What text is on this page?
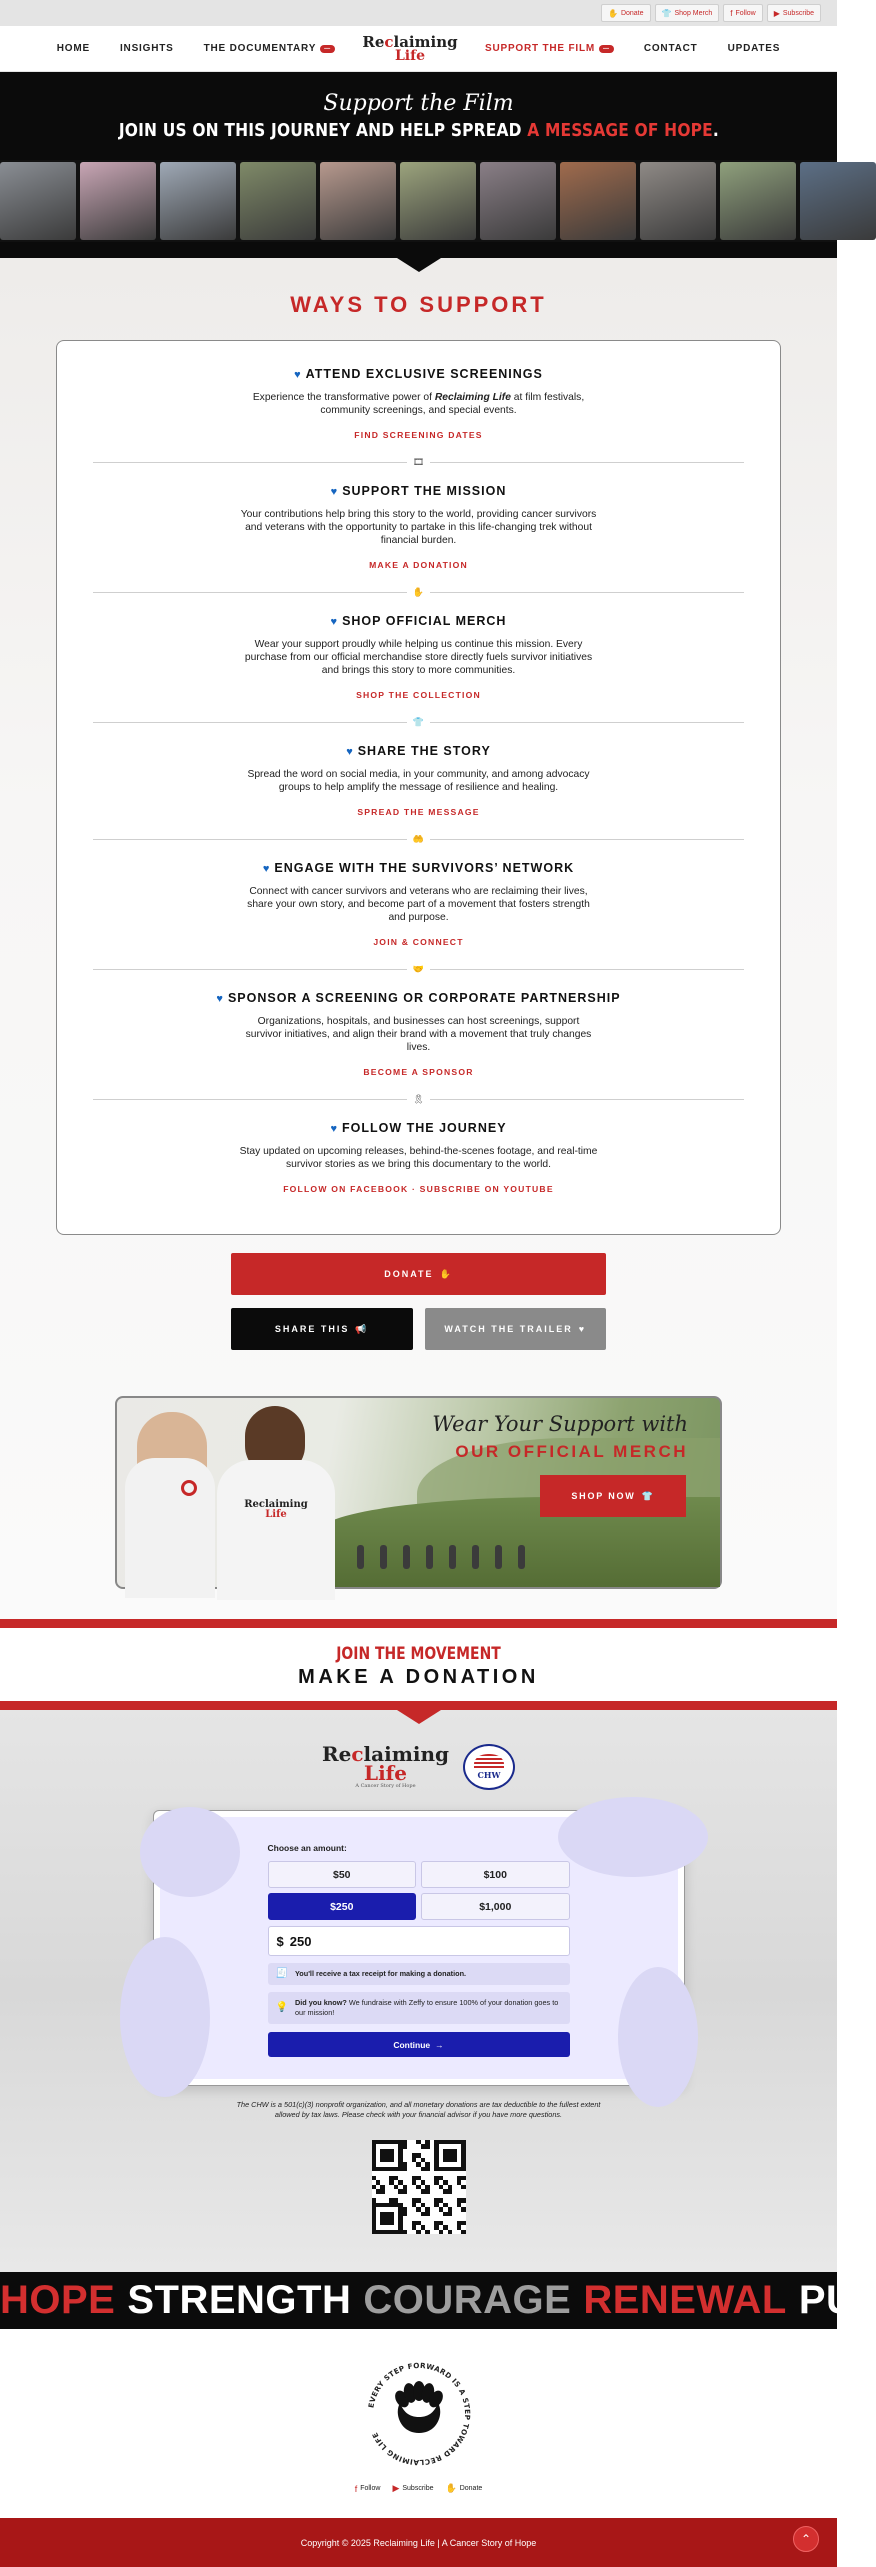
✋ Donate 👕 Shop Merch f Follow ▶ Subscribe
HOME	INSIGHTS	THE DOCUMENTARY	— Reclaiming
Life	SUPPORT THE FILM	—	CONTACT	UPDATES
Support the Film
JOIN US ON THIS JOURNEY AND HELP SPREAD A MESSAGE OF HOPE.
WAYS TO SUPPORT
♥ ATTEND EXCLUSIVE SCREENINGS

Experience the transformative power of Reclaiming Life at film festivals, community screenings, and special events.

FIND SCREENING DATES
🎞
♥ SUPPORT THE MISSION

Your contributions help bring this story to the world, providing cancer survivors and veterans with the opportunity to partake in this life-changing trek without financial burden.

MAKE A DONATION
✋
♥ SHOP OFFICIAL MERCH

Wear your support proudly while helping us continue this mission. Every purchase from our official merchandise store directly fuels survivor initiatives and brings this story to more communities.

SHOP THE COLLECTION
👕
♥ SHARE THE STORY

Spread the word on social media, in your community, and among advocacy groups to help amplify the message of resilience and healing.

SPREAD THE MESSAGE
🤲
♥ ENGAGE WITH THE SURVIVORS’ NETWORK

Connect with cancer survivors and veterans who are reclaiming their lives, share your own story, and become part of a movement that fosters strength and purpose.

JOIN & CONNECT
🤝
♥ SPONSOR A SCREENING OR CORPORATE PARTNERSHIP

Organizations, hospitals, and businesses can host screenings, support survivor initiatives, and align their brand with a movement that truly changes lives.

BECOME A SPONSOR
🎗
♥ FOLLOW THE JOURNEY

Stay updated on upcoming releases, behind-the-scenes footage, and real-time survivor stories as we bring this documentary to the world.

FOLLOW ON FACEBOOK · SUBSCRIBE ON YOUTUBE
DONATE ✋
SHARE THIS 📢	WATCH THE TRAILER ♥
Reclaiming
Life
Wear Your Support with
OUR OFFICIAL MERCH
SHOP NOW 👕
JOIN THE MOVEMENT
MAKE A DONATION
Reclaiming
Life
A Cancer Story of Hope
CHW
Choose an amount:
$50	$100
$250	$1,000
$ 250
🧾 You'll receive a tax receipt for making a donation.
💡 Did you know? We fundraise with Zeffy to ensure 100% of your donation goes to our mission!
Continue →

The CHW is a 501(c)(3) nonprofit organization, and all monetary donations are tax deductible to the fullest extent allowed by tax laws. Please check with your financial advisor if you have more questions.

HOPE STRENGTH COURAGE RENEWAL PU
EVERY STEP FORWARD IS A STEP TOWARD RECLAIMING LIFE
f Follow ▶ Subscribe ✋ Donate
Copyright © 2025 Reclaiming Life | A Cancer Story of Hope	⌃
